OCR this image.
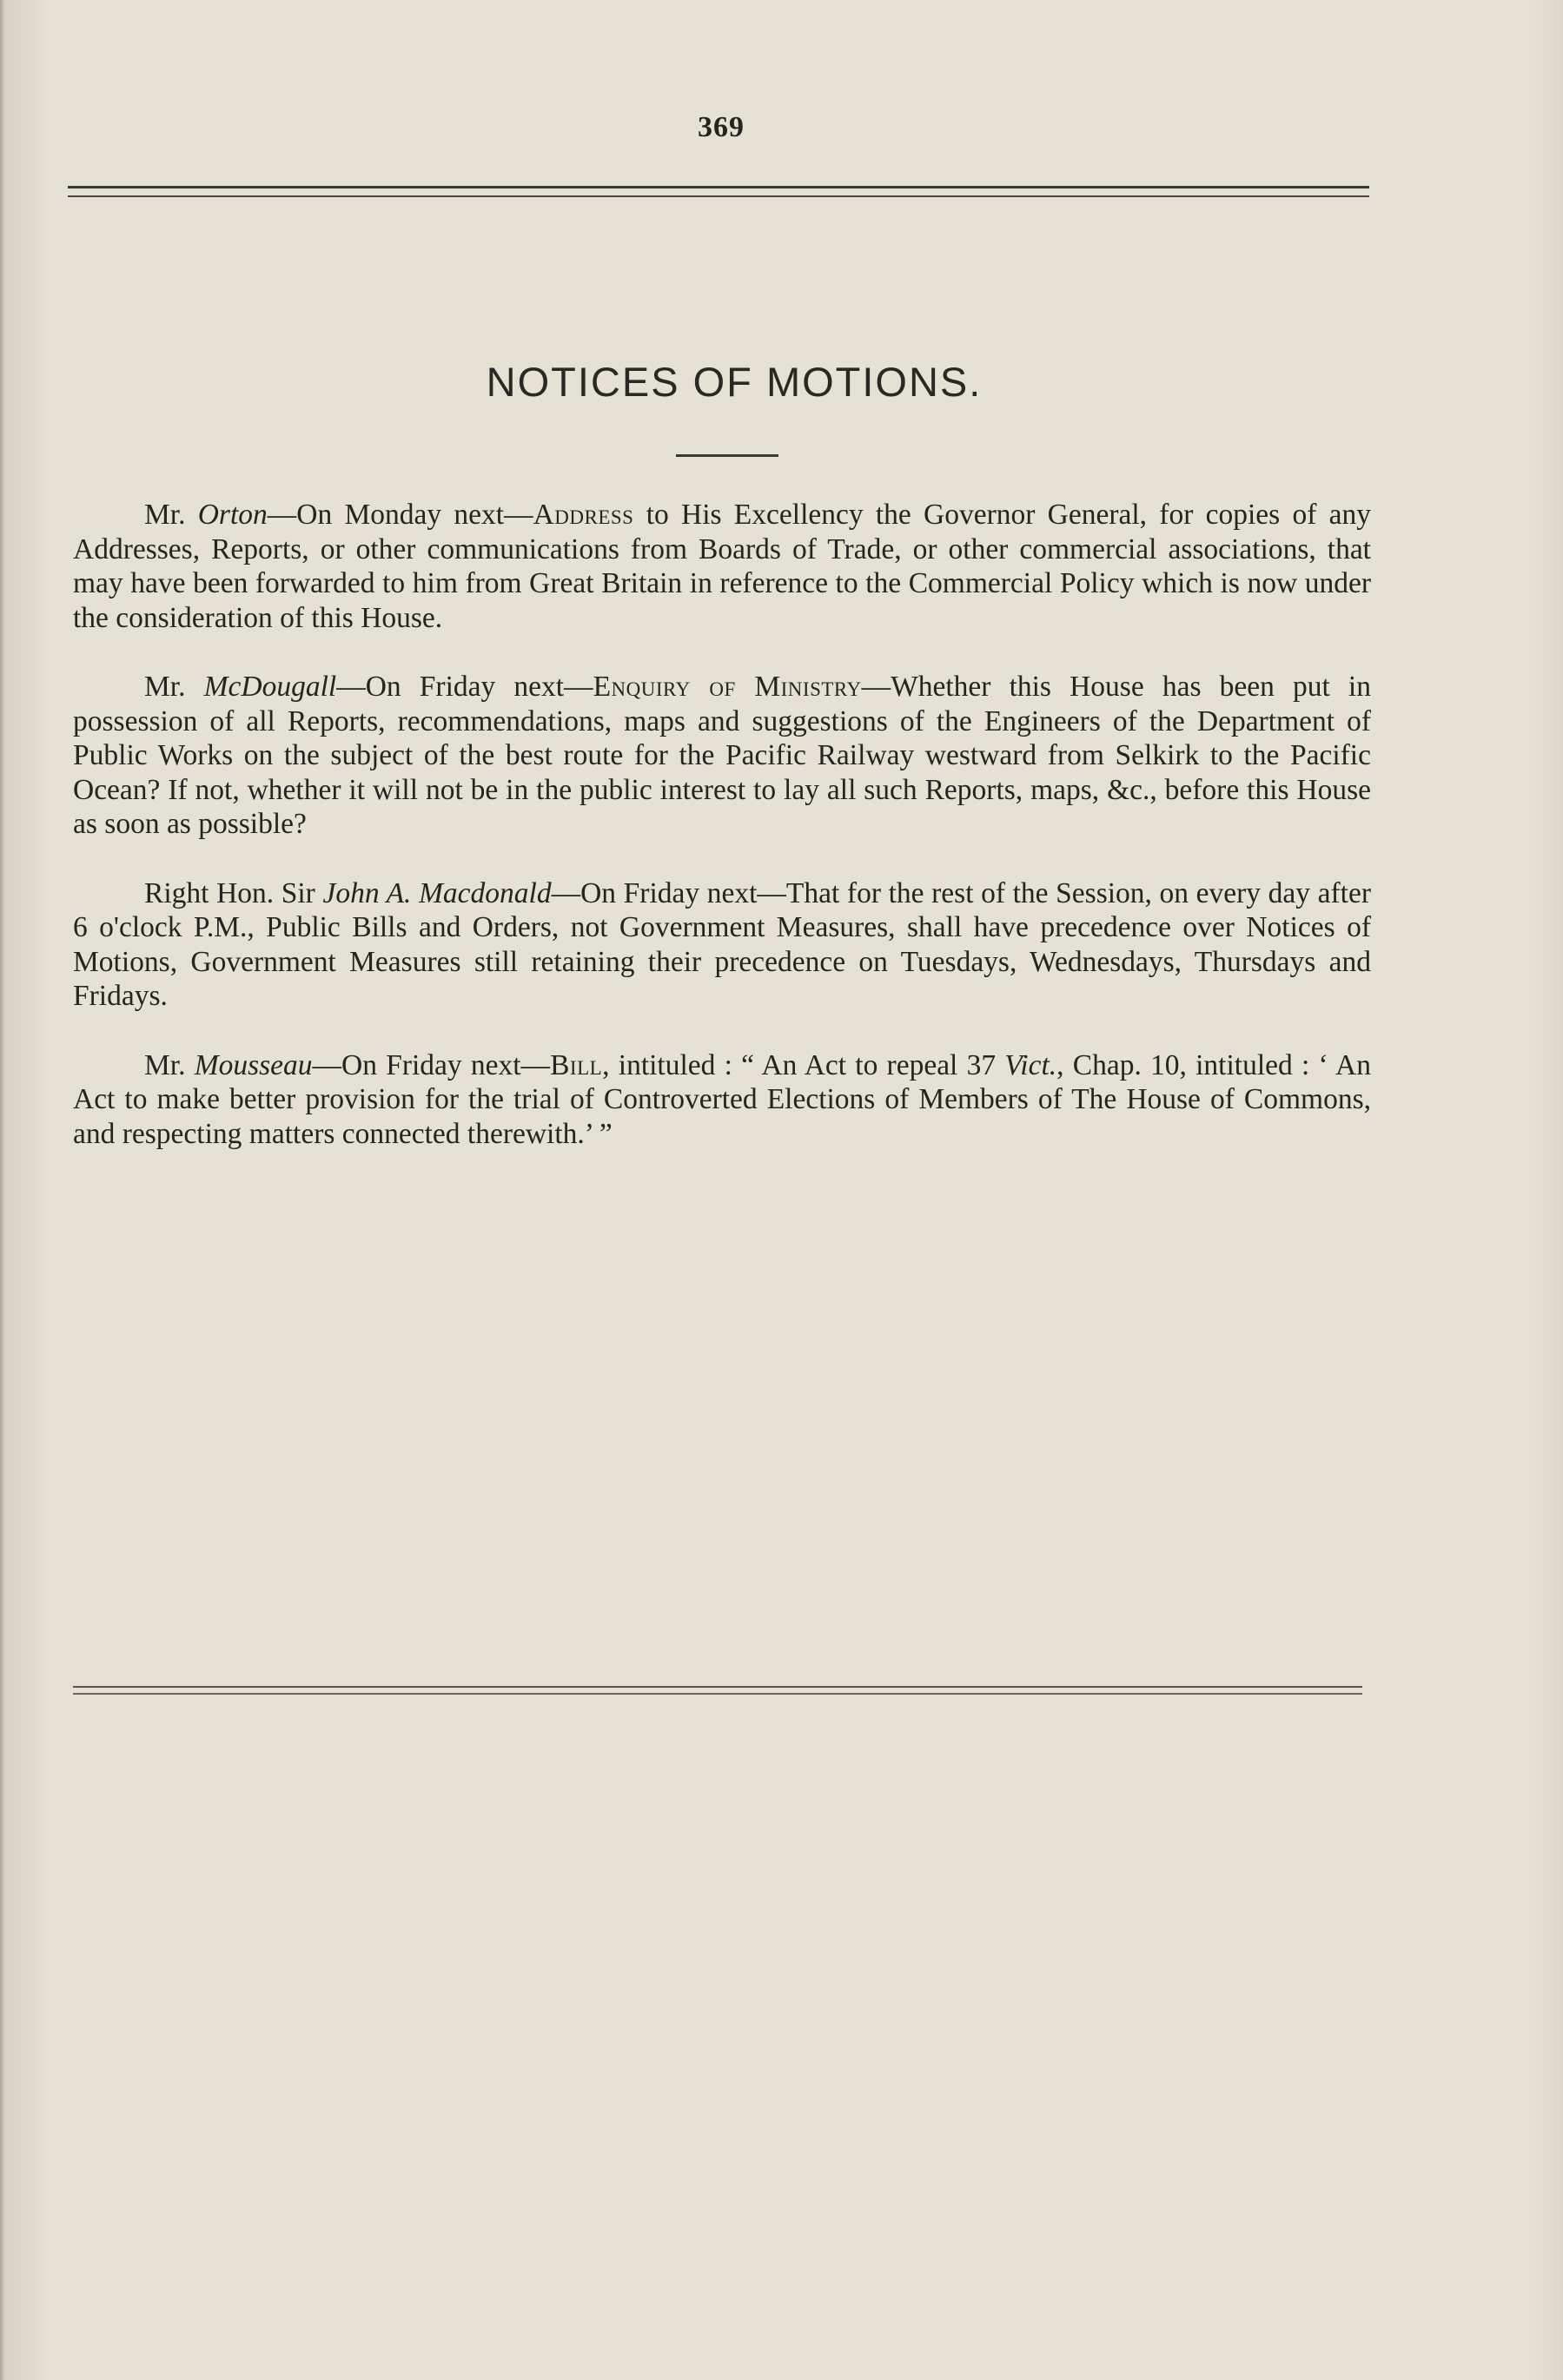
369
NOTICES OF MOTIONS.

Mr. Orton—On Monday next—Address to His Excellency the Governor General, for copies of any Addresses, Reports, or other communications from Boards of Trade, or other commercial associations, that may have been forwarded to him from Great Britain in reference to the Commercial Policy which is now under the consideration of this House.

Mr. McDougall—On Friday next—Enquiry of Ministry—Whether this House has been put in possession of all Reports, recommendations, maps and suggestions of the Engineers of the Department of Public Works on the subject of the best route for the Pacific Railway westward from Selkirk to the Pacific Ocean? If not, whether it will not be in the public interest to lay all such Reports, maps, &c., before this House as soon as possible?

Right Hon. Sir John A. Macdonald—On Friday next—That for the rest of the Session, on every day after 6 o'clock P.M., Public Bills and Orders, not Government Measures, shall have precedence over Notices of Motions, Government Measures still retaining their precedence on Tuesdays, Wednesdays, Thursdays and Fridays.

Mr. Mousseau—On Friday next—Bill, intituled : “ An Act to repeal 37 Vict., Chap. 10, intituled : ‘ An Act to make better provision for the trial of Controverted Elections of Members of The House of Commons, and respecting matters connected therewith.’ ”
